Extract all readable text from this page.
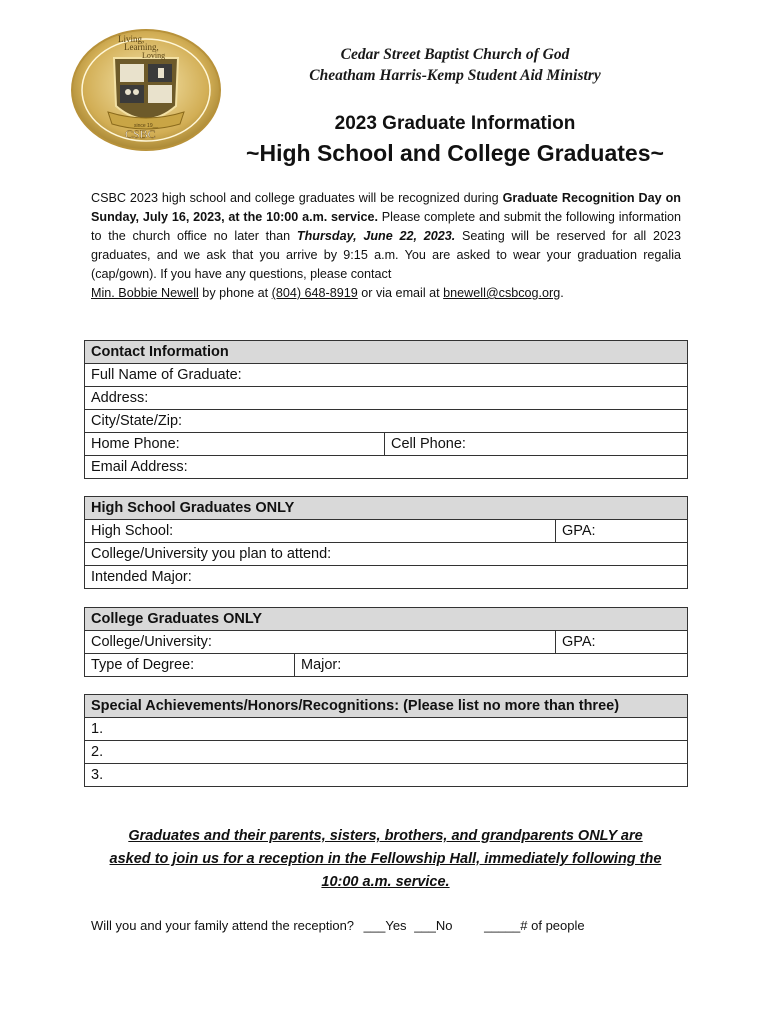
Living,
Learning,
Loving
since 19__
CSBC
Cedar Street Baptist Church of God
Cheatham Harris-Kemp Student Aid Ministry
2023 Graduate Information
~High School and College Graduates~
CSBC 2023 high school and college graduates will be recognized during Graduate Recognition Day on Sunday, July 16, 2023, at the 10:00 a.m. service. Please complete and submit the following information to the church office no later than Thursday, June 22, 2023. Seating will be reserved for all 2023 graduates, and we ask that you arrive by 9:15 a.m. You are asked to wear your graduation regalia (cap/gown). If you have any questions, please contact
Min. Bobbie Newell by phone at (804) 648-8919 or via email at bnewell@csbcog.org.
Contact Information
Full Name of Graduate:
Address:
City/State/Zip:
Home Phone:	Cell Phone:
Email Address:
High School Graduates ONLY
High School:	GPA:
College/University you plan to attend:
Intended Major:
College Graduates ONLY		
College/University:		GPA:
Type of Degree:	Major:	
Special Achievements/Honors/Recognitions: (Please list no more than three)
1.
2.
3.
Graduates and their parents, sisters, brothers, and grandparents ONLY are
asked to join us for a reception in the Fellowship Hall, immediately following the
10:00 a.m. service.
Will you and your family attend the reception? ___Yes ___No _____# of people
